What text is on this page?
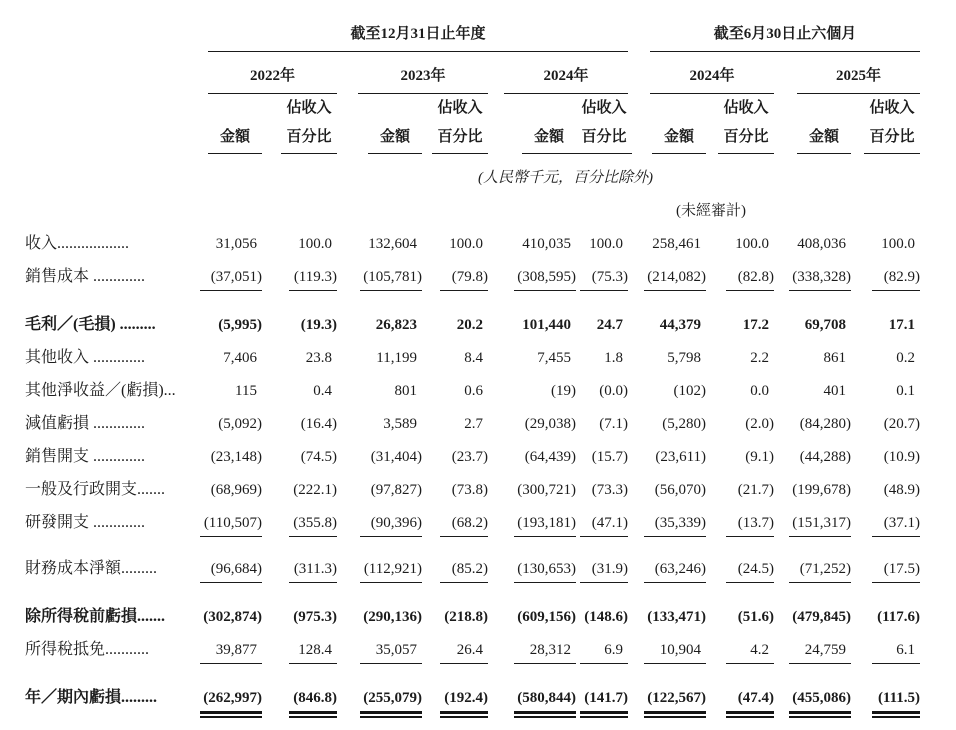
	截至12月31日止年度						截至6月30日止六個月				

	2022年		2023年		2024年		2024年		2025年		

		佔收入		佔收入		佔收入		佔收入		佔收入	
	金額	百分比	金額	百分比	金額	百分比	金額	百分比	金額	百分比	
(人民幣千元，百分比除外)											
(未經審計)											
收入..................	31,056	100.0	132,604	100.0	410,035	100.0	258,461	100.0	408,036	100.0	
銷售成本 .............	(37,051)	(119.3)	(105,781)	(79.8)	(308,595)	(75.3)	(214,082)	(82.8)	(338,328)	(82.9)	
毛利／(毛損) .........	(5,995)	(19.3)	26,823	20.2	101,440	24.7	44,379	17.2	69,708	17.1	
其他收入 .............	7,406	23.8	11,199	8.4	7,455	1.8	5,798	2.2	861	0.2	
其他淨收益／(虧損)...	115	0.4	801	0.6	(19)	(0.0)	(102)	0.0	401	0.1	
減值虧損 .............	(5,092)	(16.4)	3,589	2.7	(29,038)	(7.1)	(5,280)	(2.0)	(84,280)	(20.7)	
銷售開支 .............	(23,148)	(74.5)	(31,404)	(23.7)	(64,439)	(15.7)	(23,611)	(9.1)	(44,288)	(10.9)	
一般及行政開支.......	(68,969)	(222.1)	(97,827)	(73.8)	(300,721)	(73.3)	(56,070)	(21.7)	(199,678)	(48.9)	
研發開支 .............	(110,507)	(355.8)	(90,396)	(68.2)	(193,181)	(47.1)	(35,339)	(13.7)	(151,317)	(37.1)	
財務成本淨額.........	(96,684)	(311.3)	(112,921)	(85.2)	(130,653)	(31.9)	(63,246)	(24.5)	(71,252)	(17.5)	
除所得稅前虧損.......	(302,874)	(975.3)	(290,136)	(218.8)	(609,156)	(148.6)	(133,471)	(51.6)	(479,845)	(117.6)	
所得稅抵免...........	39,877	128.4	35,057	26.4	28,312	6.9	10,904	4.2	24,759	6.1	
年／期內虧損.........	(262,997)	(846.8)	(255,079)	(192.4)	(580,844)	(141.7)	(122,567)	(47.4)	(455,086)	(111.5)	
